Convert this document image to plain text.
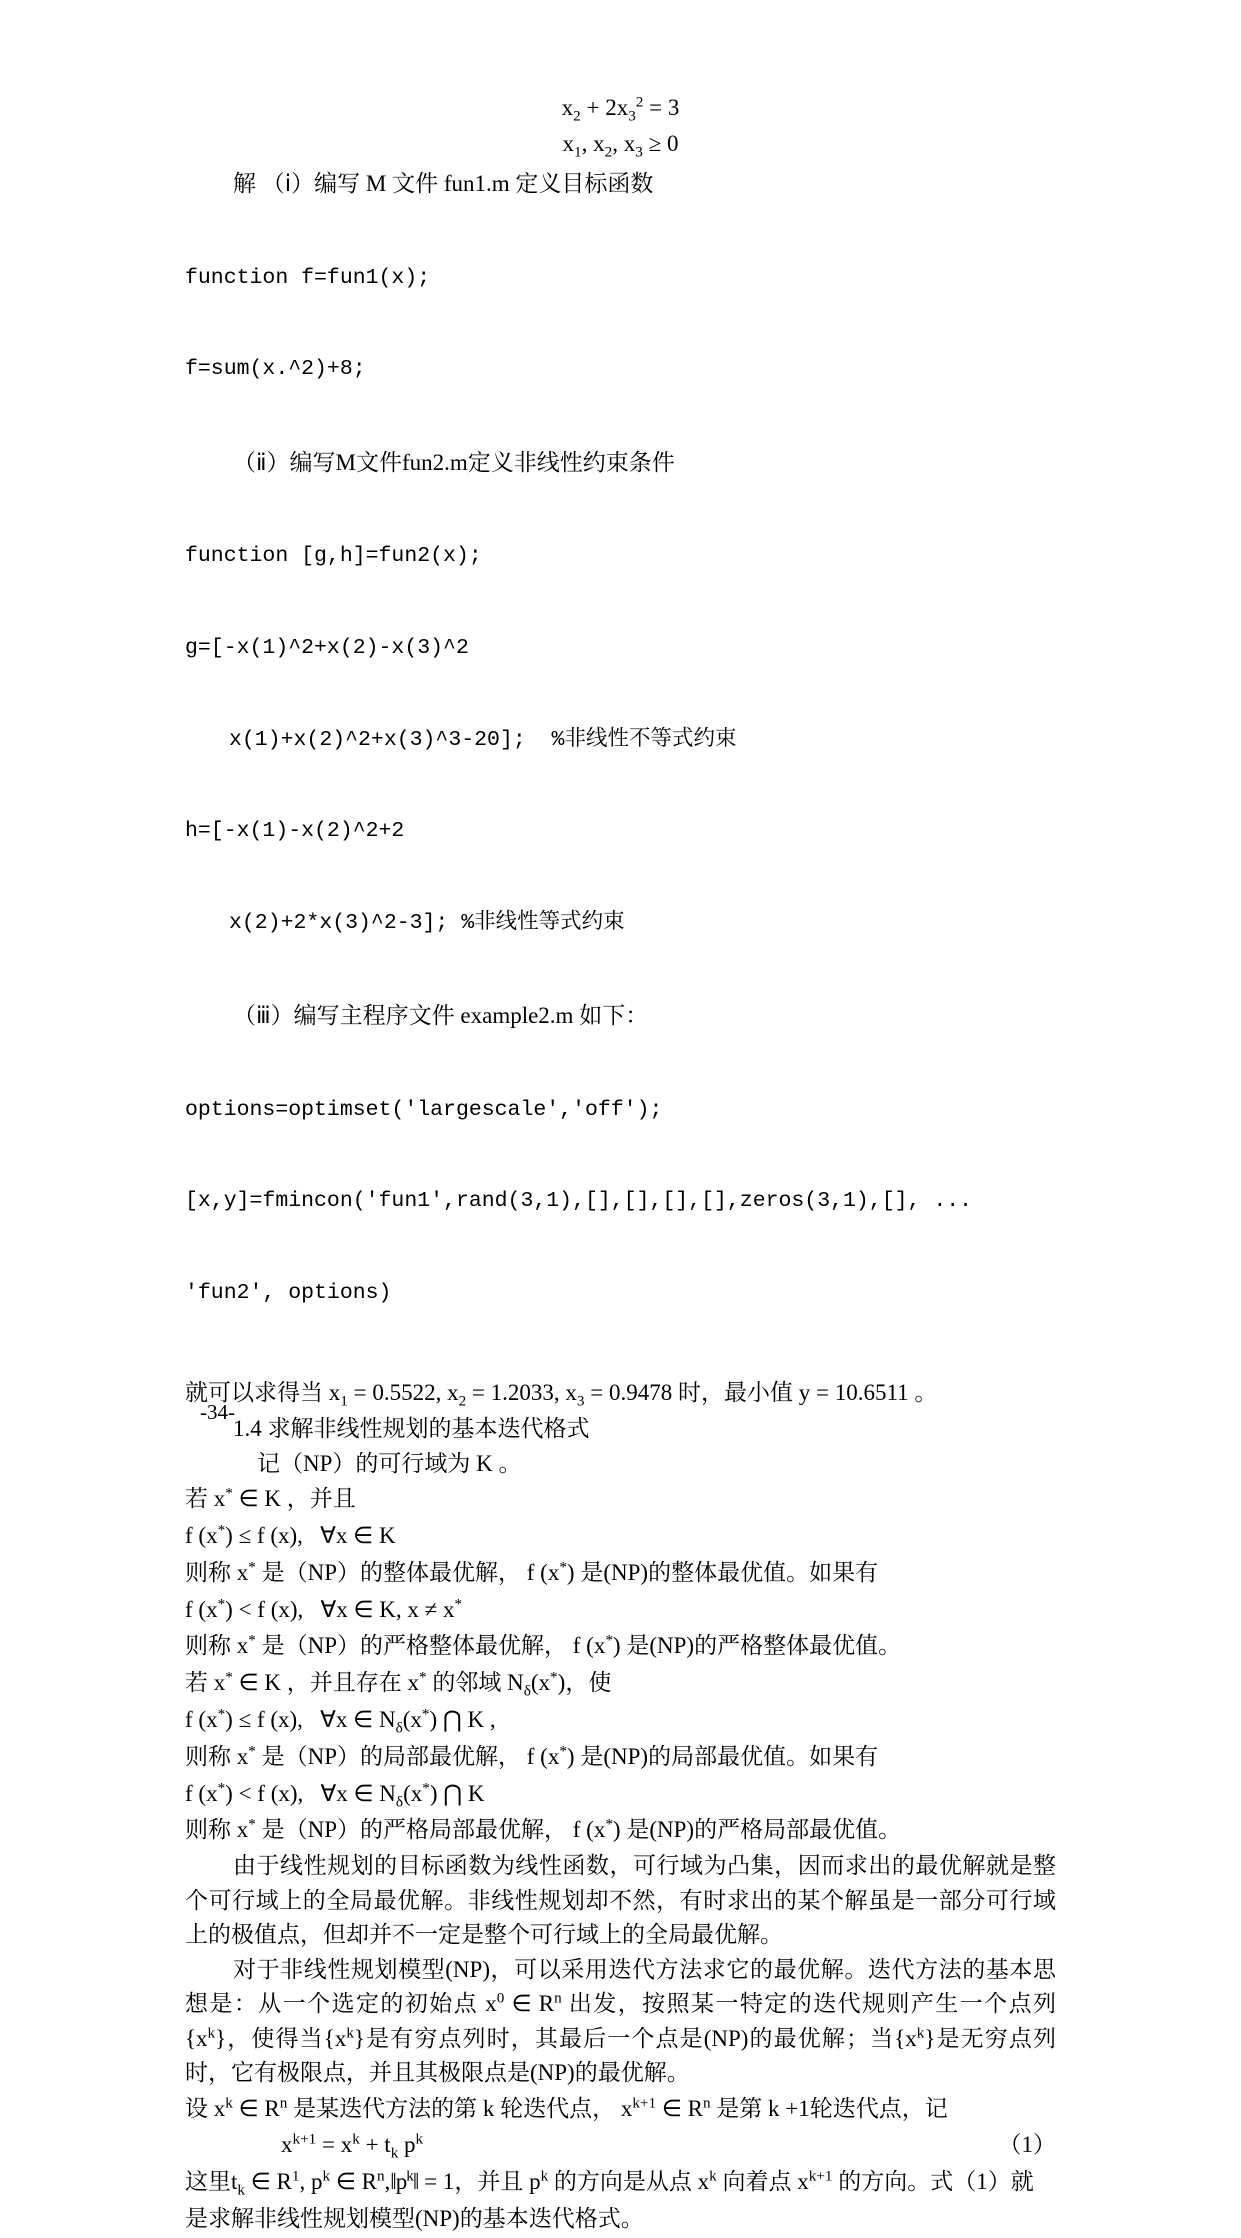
$x_2 + 2x_3^2 = 3$
$x_1$, $x_2$, $x_3 \ge 0$

解 （ⅰ）编写 M 文件 fun1.m 定义目标函数

function f=fun1(x);

f=sum(x.^2)+8;

（ⅱ）编写M文件fun2.m定义非线性约束条件

function [g,h]=fun2(x);

g=[-x(1)^2+x(2)-x(3)^2

x(1)+x(2)^2+x(3)^3-20];  %非线性不等式约束

h=[-x(1)-x(2)^2+2

x(2)+2*x(3)^2-3]; %非线性等式约束

（ⅲ）编写主程序文件 example2.m 如下：

options=optimset('largescale','off');

[x,y]=fmincon('fun1',rand(3,1),[],[],[],[],zeros(3,1),[], ...

'fun2', options)

就可以求得当 $x_1 = 0.5522$, $x_2 = 1.2033$, $x_3 = 0.9478$ 时，最小值 y = 10.6511 。

1.4 求解非线性规划的基本迭代格式

记（NP）的可行域为 K 。

若 x* ∈ K ，并且

f (x*) ≤ f (x),   ∀x ∈ K

则称 x* 是（NP）的整体最优解， f (x*) 是(NP)的整体最优值。如果有

f (x*) < f (x),   ∀x ∈ K, x ≠ x*

则称 x* 是（NP）的严格整体最优解， f (x*) 是(NP)的严格整体最优值。

若 x* ∈ K ，并且存在 x* 的邻域 $N_\delta(x^*)$，使

f (x*) ≤ f (x),   ∀x ∈ $N_\delta(x^*)$ ⋂ K ,

则称 x* 是（NP）的局部最优解， f (x*) 是(NP)的局部最优值。如果有

f (x*) < f (x),   ∀x ∈ $N_\delta(x^*)$ ⋂ K

则称 x* 是（NP）的严格局部最优解， f (x*) 是(NP)的严格局部最优值。

由于线性规划的目标函数为线性函数，可行域为凸集，因而求出的最优解就是整个可行域上的全局最优解。非线性规划却不然，有时求出的某个解虽是一部分可行域上的极值点，但却并不一定是整个可行域上的全局最优解。

对于非线性规划模型(NP)，可以采用迭代方法求它的最优解。迭代方法的基本思想是：从一个选定的初始点 $x^0$ ∈ $R^n$ 出发，按照某一特定的迭代规则产生一个点列 $\{x^k\}$，使得当$\{x^k\}$是有穷点列时，其最后一个点是(NP)的最优解；当$\{x^k\}$是无穷点列时，它有极限点，并且其极限点是(NP)的最优解。

设 $x^k$ ∈ $R^n$ 是某迭代方法的第 k 轮迭代点， $x^{k+1}$ ∈ $R^n$ 是第 k +1轮迭代点，记

$x^{k+1} = x^k + t_k$ $p^k$	（1）

这里$t_k$ ∈ $R^1$, $p^k$ ∈ $R^n,‖p^k‖ = 1$，并且 $p^k$ 的方向是从点 $x^k$ 向着点 $x^{k+1}$ 的方向。式（1）就是求解非线性规划模型(NP)的基本迭代格式。

-34-
